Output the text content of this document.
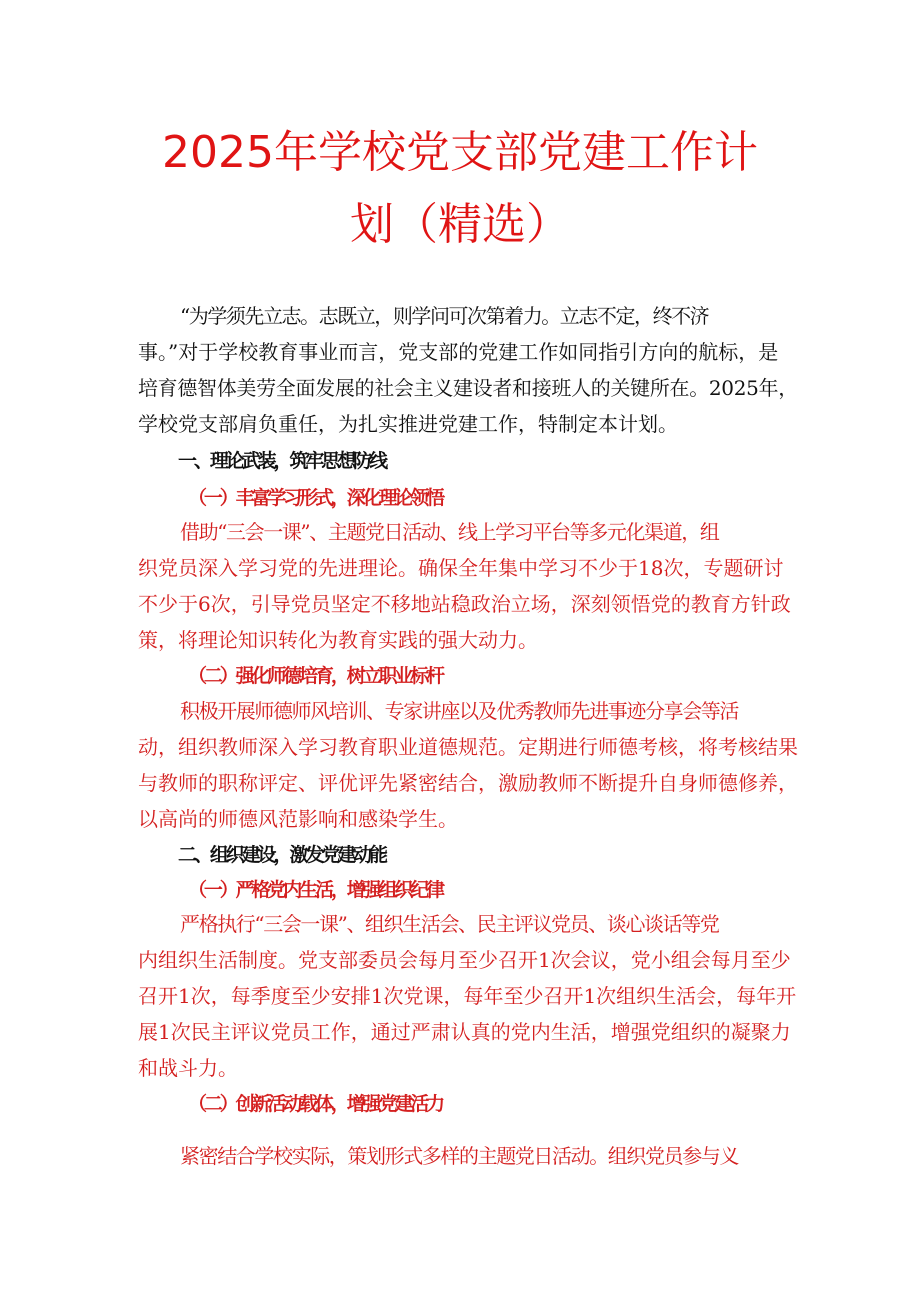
2025年学校党支部党建工作计
划（精选）
“为学须先立志。志既立，则学问可次第着力。立志不定，终不济
事。”对于学校教育事业而言，党支部的党建工作如同指引方向的航标，是
培育德智体美劳全面发展的社会主义建设者和接班人的关键所在。2025年，
学校党支部肩负重任，为扎实推进党建工作，特制定本计划。
一、理论武装，筑牢思想防线
（一）丰富学习形式，深化理论领悟
借助“三会一课”、主题党日活动、线上学习平台等多元化渠道，组
织党员深入学习党的先进理论。确保全年集中学习不少于18次，专题研讨
不少于6次，引导党员坚定不移地站稳政治立场，深刻领悟党的教育方针政
策，将理论知识转化为教育实践的强大动力。
（二）强化师德培育，树立职业标杆
积极开展师德师风培训、专家讲座以及优秀教师先进事迹分享会等活
动，组织教师深入学习教育职业道德规范。定期进行师德考核，将考核结果
与教师的职称评定、评优评先紧密结合，激励教师不断提升自身师德修养，
以高尚的师德风范影响和感染学生。
二、组织建设，激发党建动能
（一）严格党内生活，增强组织纪律
严格执行“三会一课”、组织生活会、民主评议党员、谈心谈话等党
内组织生活制度。党支部委员会每月至少召开1次会议，党小组会每月至少
召开1次，每季度至少安排1次党课，每年至少召开1次组织生活会，每年开
展1次民主评议党员工作，通过严肃认真的党内生活，增强党组织的凝聚力
和战斗力。
（二）创新活动载体，增强党建活力
紧密结合学校实际，策划形式多样的主题党日活动。组织党员参与义
